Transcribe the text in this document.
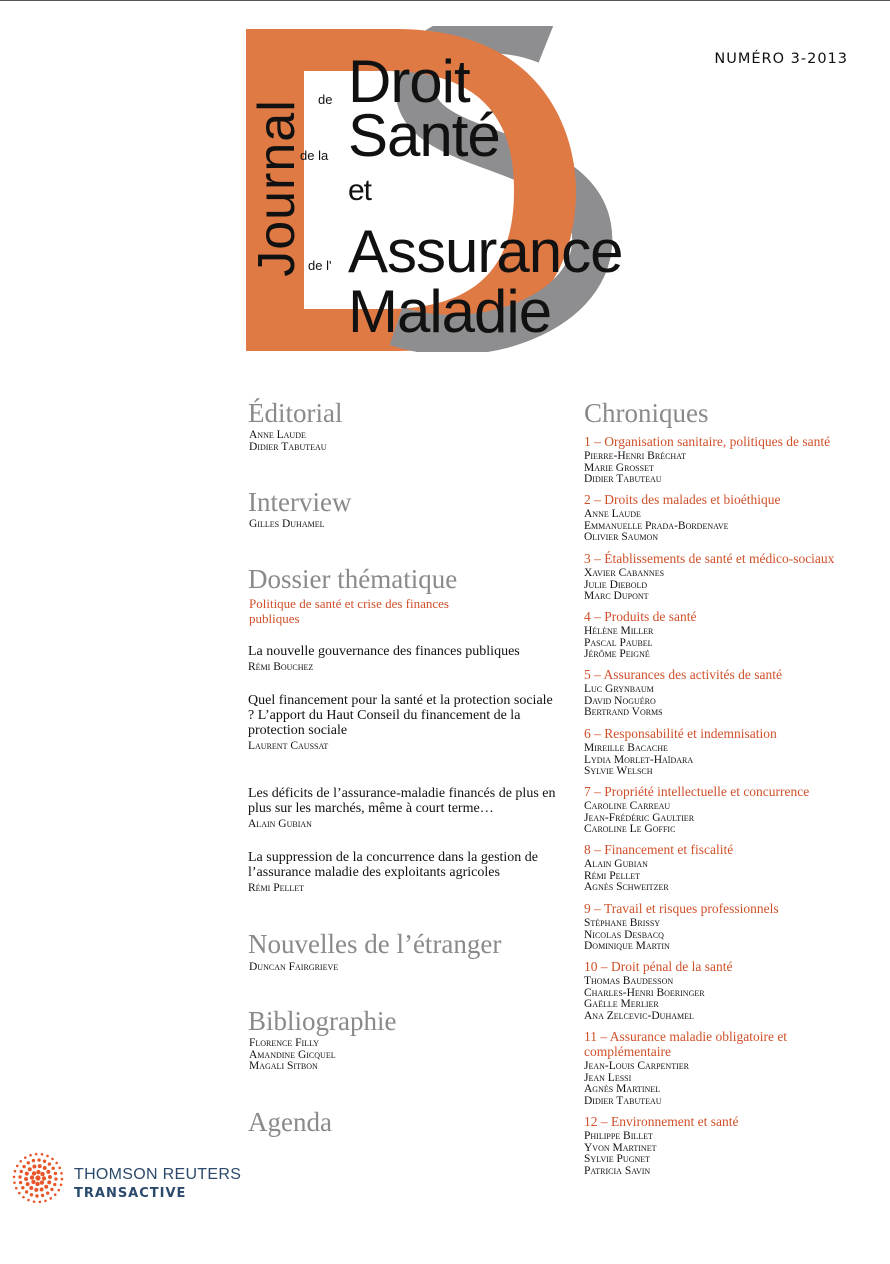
Journal de Droit
de la Santé
et
de l' Assurance
Maladie
NUMÉRO 3-2013
Éditorial
Anne Laude
Didier Tabuteau
Interview
Gilles Duhamel
Dossier thématique
Politique de santé et crise des finances publiques
La nouvelle gouvernance des finances publiques
Rémi Bouchez
Quel financement pour la santé et la protection sociale ? L’apport du Haut Conseil du financement de la protection sociale
Laurent Caussat
Les déficits de l’assurance-maladie financés de plus en plus sur les marchés, même à court terme…
Alain Gubian
La suppression de la concurrence dans la gestion de l’assurance maladie des exploitants agricoles
Rémi Pellet
Nouvelles de l’étranger
Duncan Fairgrieve
Bibliographie
Florence Filly
Amandine Gicquel
Magali Sitbon
Agenda
Chroniques
1 – Organisation sanitaire, politiques de santé
Pierre-Henri Bréchat
Marie Grosset
Didier Tabuteau
2 – Droits des malades et bioéthique
Anne Laude
Emmanuelle Prada-Bordenave
Olivier Saumon
3 – Établissements de santé et médico-sociaux
Xavier Cabannes
Julie Diebold
Marc Dupont
4 – Produits de santé
Hélène Miller
Pascal Paubel
Jérôme Peigné
5 – Assurances des activités de santé
Luc Grynbaum
David Noguéro
Bertrand Vorms
6 – Responsabilité et indemnisation
Mireille Bacache
Lydia Morlet-Haïdara
Sylvie Welsch
7 – Propriété intellectuelle et concurrence
Caroline Carreau
Jean-Frédéric Gaultier
Caroline Le Goffic
8 – Financement et fiscalité
Alain Gubian
Rémi Pellet
Agnès Schweitzer
9 – Travail et risques professionnels
Stéphane Brissy
Nicolas Desbacq
Dominique Martin
10 – Droit pénal de la santé
Thomas Baudesson
Charles-Henri Boeringer
Gaëlle Merlier
Ana Zelcevic-Duhamel
11 – Assurance maladie obligatoire et complémentaire
Jean-Louis Carpentier
Jean Lessi
Agnès Martinel
Didier Tabuteau
12 – Environnement et santé
Philippe Billet
Yvon Martinet
Sylvie Pugnet
Patricia Savin
THOMSON REUTERS
TRANSACTIVE
